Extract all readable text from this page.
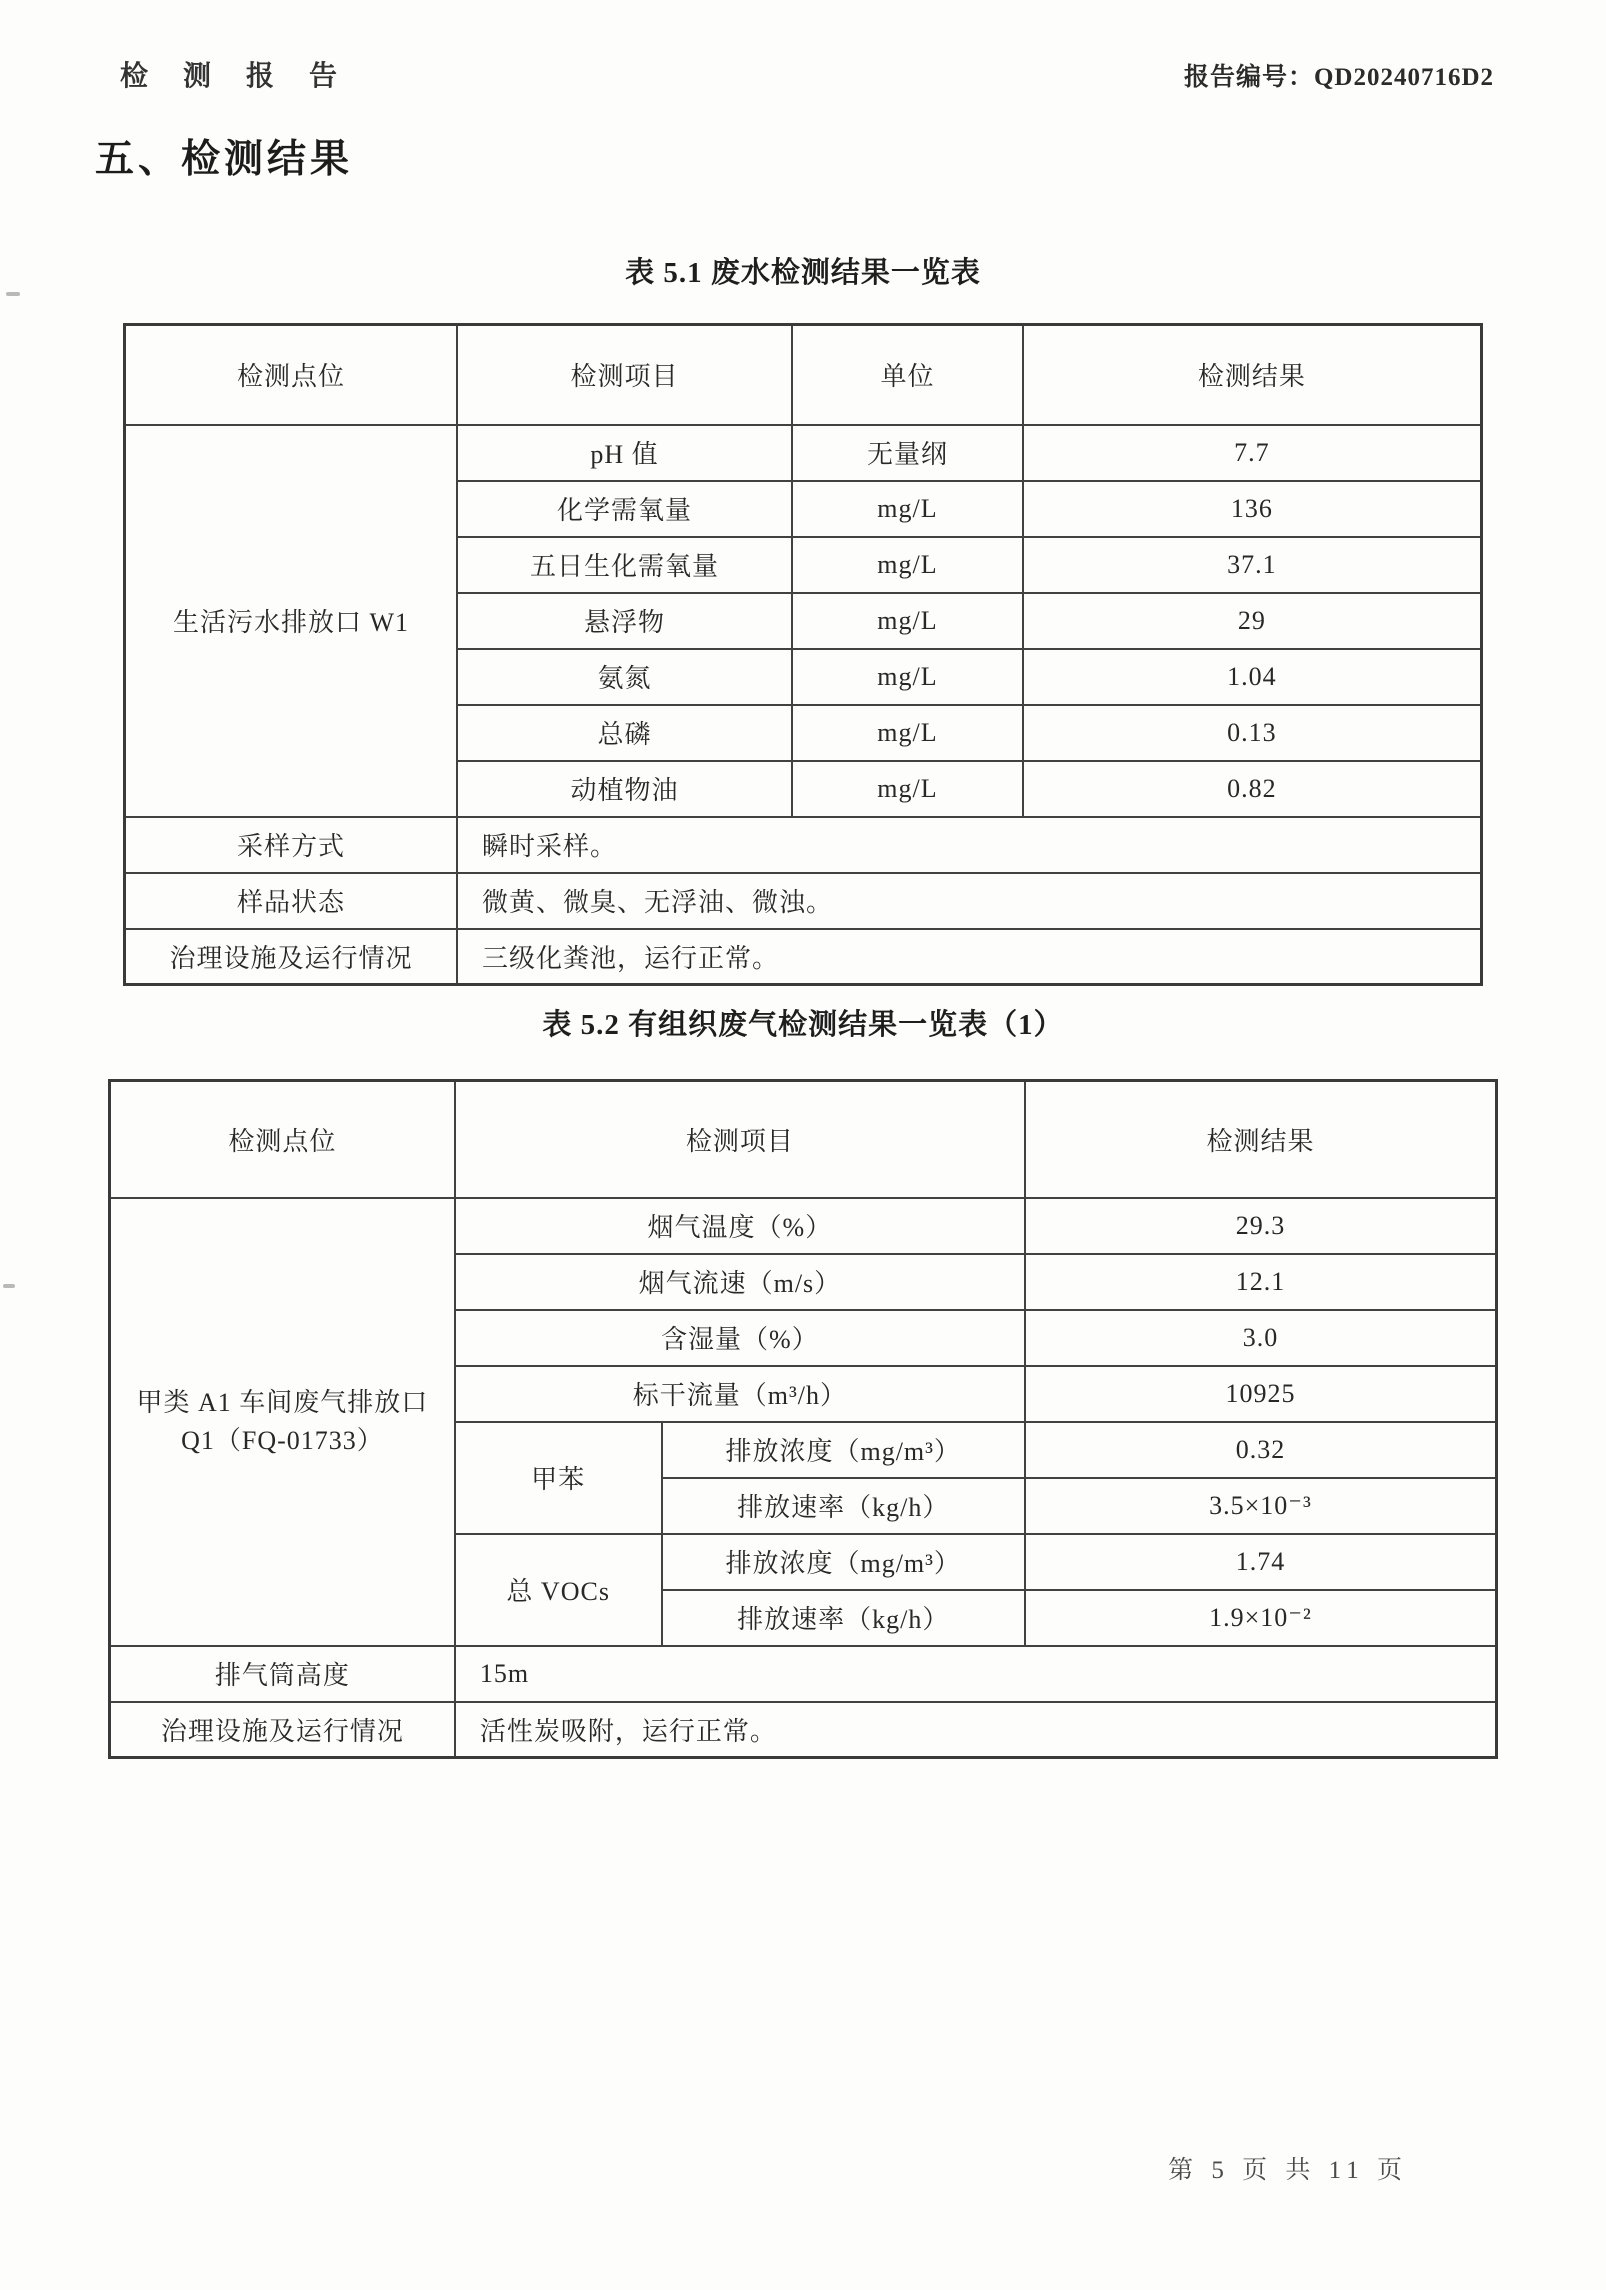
检 测 报 告	报告编号：QD20240716D2
五、检测结果
表 5.1 废水检测结果一览表
检测点位	检测项目	单位	检测结果
生活污水排放口 W1	pH 值	无量纲	7.7
	化学需氧量	mg/L	136
	五日生化需氧量	mg/L	37.1
	悬浮物	mg/L	29
	氨氮	mg/L	1.04
	总磷	mg/L	0.13
	动植物油	mg/L	0.82
采样方式	瞬时采样。		
样品状态	微黄、微臭、无浮油、微浊。		
治理设施及运行情况	三级化粪池，运行正常。		
表 5.2 有组织废气检测结果一览表（1）
检测点位	检测项目		检测结果

甲类 A1 车间废气排放口
Q1（FQ-01733）	烟气温度（%）		29.3
	烟气流速（m/s）		12.1
	含湿量（%）		3.0
	标干流量（m³/h）		10925
	甲苯	排放浓度（mg/m³）	0.32
		排放速率（kg/h）	3.5×10⁻³
	总 VOCs	排放浓度（mg/m³）	1.74
		排放速率（kg/h）	1.9×10⁻²
排气筒高度	15m		
治理设施及运行情况	活性炭吸附，运行正常。		
第 5 页 共 11 页
